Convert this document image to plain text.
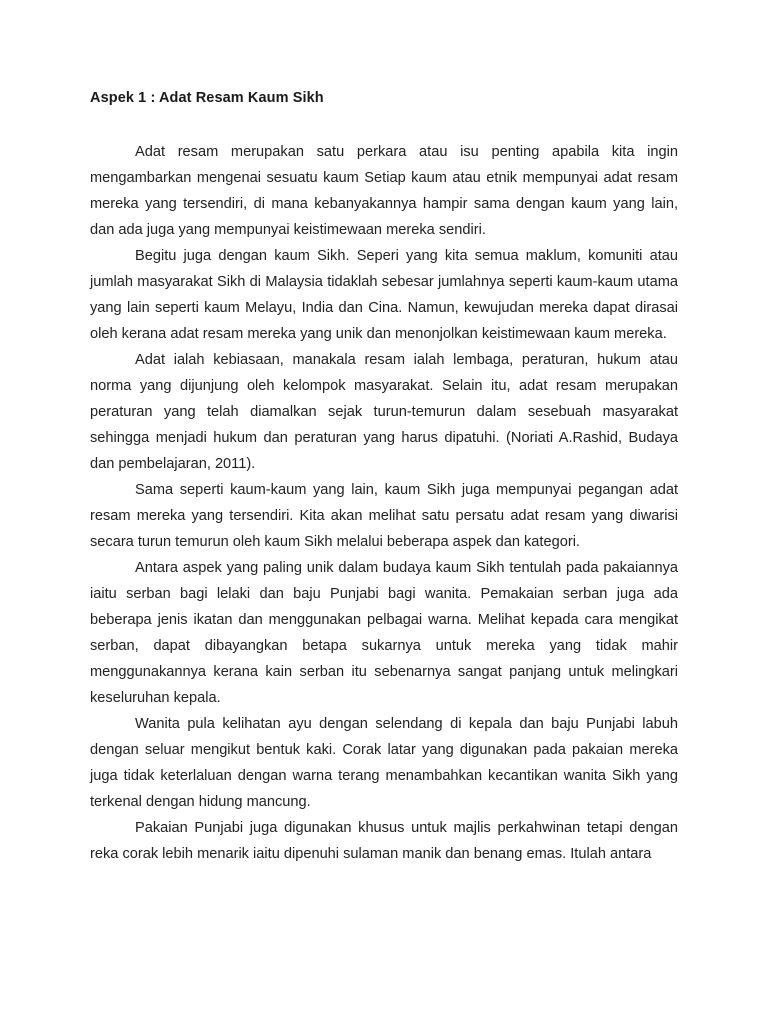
Aspek 1 : Adat Resam Kaum Sikh

Adat resam merupakan satu perkara atau isu penting apabila kita ingin mengambarkan mengenai sesuatu kaum Setiap kaum atau etnik mempunyai adat resam mereka yang tersendiri, di mana kebanyakannya hampir sama dengan kaum yang lain, dan ada juga yang mempunyai keistimewaan mereka sendiri.

Begitu juga dengan kaum Sikh. Seperi yang kita semua maklum, komuniti atau jumlah masyarakat Sikh di Malaysia tidaklah sebesar jumlahnya seperti kaum-kaum utama yang lain seperti kaum Melayu, India dan Cina. Namun, kewujudan mereka dapat dirasai oleh kerana adat resam mereka yang unik dan menonjolkan keistimewaan kaum mereka.

Adat ialah kebiasaan, manakala resam ialah lembaga, peraturan, hukum atau norma yang dijunjung oleh kelompok masyarakat. Selain itu, adat resam merupakan peraturan yang telah diamalkan sejak turun-temurun dalam sesebuah masyarakat sehingga menjadi hukum dan peraturan yang harus dipatuhi. (Noriati A.Rashid, Budaya dan pembelajaran, 2011).

Sama seperti kaum-kaum yang lain, kaum Sikh juga mempunyai pegangan adat resam mereka yang tersendiri. Kita akan melihat satu persatu adat resam yang diwarisi secara turun temurun oleh kaum Sikh melalui beberapa aspek dan kategori.

Antara aspek yang paling unik dalam budaya kaum Sikh tentulah pada pakaiannya iaitu serban bagi lelaki dan baju Punjabi bagi wanita. Pemakaian serban juga ada beberapa jenis ikatan dan menggunakan pelbagai warna. Melihat kepada cara mengikat serban, dapat dibayangkan betapa sukarnya untuk mereka yang tidak mahir menggunakannya kerana kain serban itu sebenarnya sangat panjang untuk melingkari keseluruhan kepala.

Wanita pula kelihatan ayu dengan selendang di kepala dan baju Punjabi labuh dengan seluar mengikut bentuk kaki. Corak latar yang digunakan pada pakaian mereka juga tidak keterlaluan dengan warna terang menambahkan kecantikan wanita Sikh yang terkenal dengan hidung mancung.

Pakaian Punjabi juga digunakan khusus untuk majlis perkahwinan tetapi dengan reka corak lebih menarik iaitu dipenuhi sulaman manik dan benang emas. Itulah antara
